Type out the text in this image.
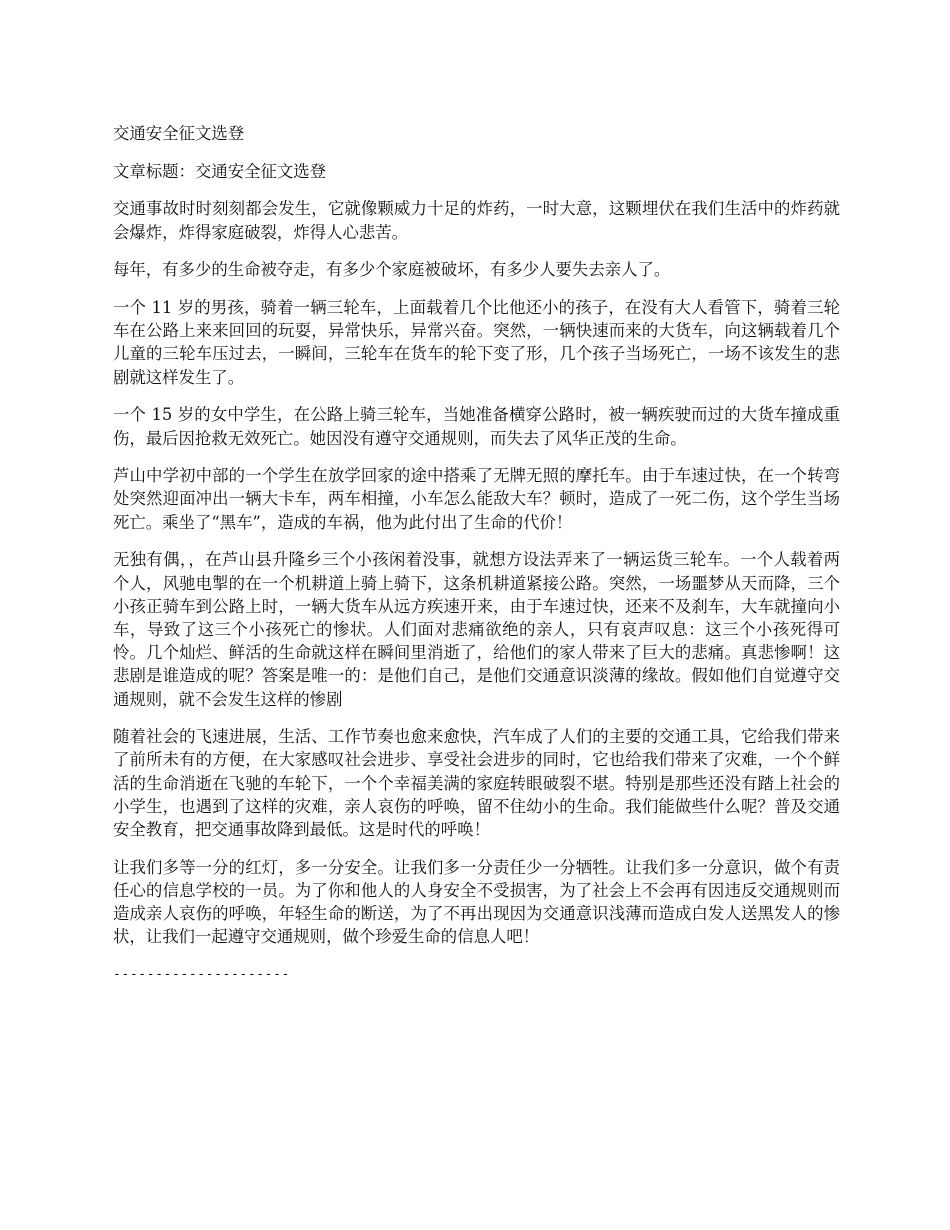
交通安全征文选登

文章标题：交通安全征文选登

交通事故时时刻刻都会发生，它就像颗威力十足的炸药，一时大意，这颗埋伏在我们生活中的炸药就会爆炸，炸得家庭破裂，炸得人心悲苦。

每年，有多少的生命被夺走，有多少个家庭被破坏，有多少人要失去亲人了。

一个 11 岁的男孩，骑着一辆三轮车，上面载着几个比他还小的孩子，在没有大人看管下，骑着三轮车在公路上来来回回的玩耍，异常快乐，异常兴奋。突然，一辆快速而来的大货车，向这辆载着几个儿童的三轮车压过去，一瞬间，三轮车在货车的轮下变了形，几个孩子当场死亡，一场不该发生的悲剧就这样发生了。

一个 15 岁的女中学生，在公路上骑三轮车，当她准备横穿公路时，被一辆疾驶而过的大货车撞成重伤，最后因抢救无效死亡。她因没有遵守交通规则，而失去了风华正茂的生命。

芦山中学初中部的一个学生在放学回家的途中搭乘了无牌无照的摩托车。由于车速过快，在一个转弯处突然迎面冲出一辆大卡车，两车相撞，小车怎么能敌大车？顿时，造成了一死二伤，这个学生当场死亡。乘坐了“黑车”，造成的车祸，他为此付出了生命的代价！

无独有偶，，在芦山县升隆乡三个小孩闲着没事，就想方设法弄来了一辆运货三轮车。一个人载着两个人，风驰电掣的在一个机耕道上骑上骑下，这条机耕道紧接公路。突然，一场噩梦从天而降，三个小孩正骑车到公路上时，一辆大货车从远方疾速开来，由于车速过快，还来不及刹车，大车就撞向小车，导致了这三个小孩死亡的惨状。人们面对悲痛欲绝的亲人，只有哀声叹息：这三个小孩死得可怜。几个灿烂、鲜活的生命就这样在瞬间里消逝了，给他们的家人带来了巨大的悲痛。真悲惨啊！这悲剧是谁造成的呢？答案是唯一的：是他们自己，是他们交通意识淡薄的缘故。假如他们自觉遵守交通规则，就不会发生这样的惨剧

随着社会的飞速进展，生活、工作节奏也愈来愈快，汽车成了人们的主要的交通工具，它给我们带来了前所未有的方便，在大家感叹社会进步、享受社会进步的同时，它也给我们带来了灾难，一个个鲜活的生命消逝在飞驰的车轮下，一个个幸福美满的家庭转眼破裂不堪。特别是那些还没有踏上社会的小学生，也遇到了这样的灾难，亲人哀伤的呼唤，留不住幼小的生命。我们能做些什么呢？普及交通安全教育，把交通事故降到最低。这是时代的呼唤！

让我们多等一分的红灯，多一分安全。让我们多一分责任少一分牺牲。让我们多一分意识，做个有责任心的信息学校的一员。为了你和他人的人身安全不受损害，为了社会上不会再有因违反交通规则而造成亲人哀伤的呼唤，年轻生命的断送，为了不再出现因为交通意识浅薄而造成白发人送黑发人的惨状，让我们一起遵守交通规则，做个珍爱生命的信息人吧！

---------------------
